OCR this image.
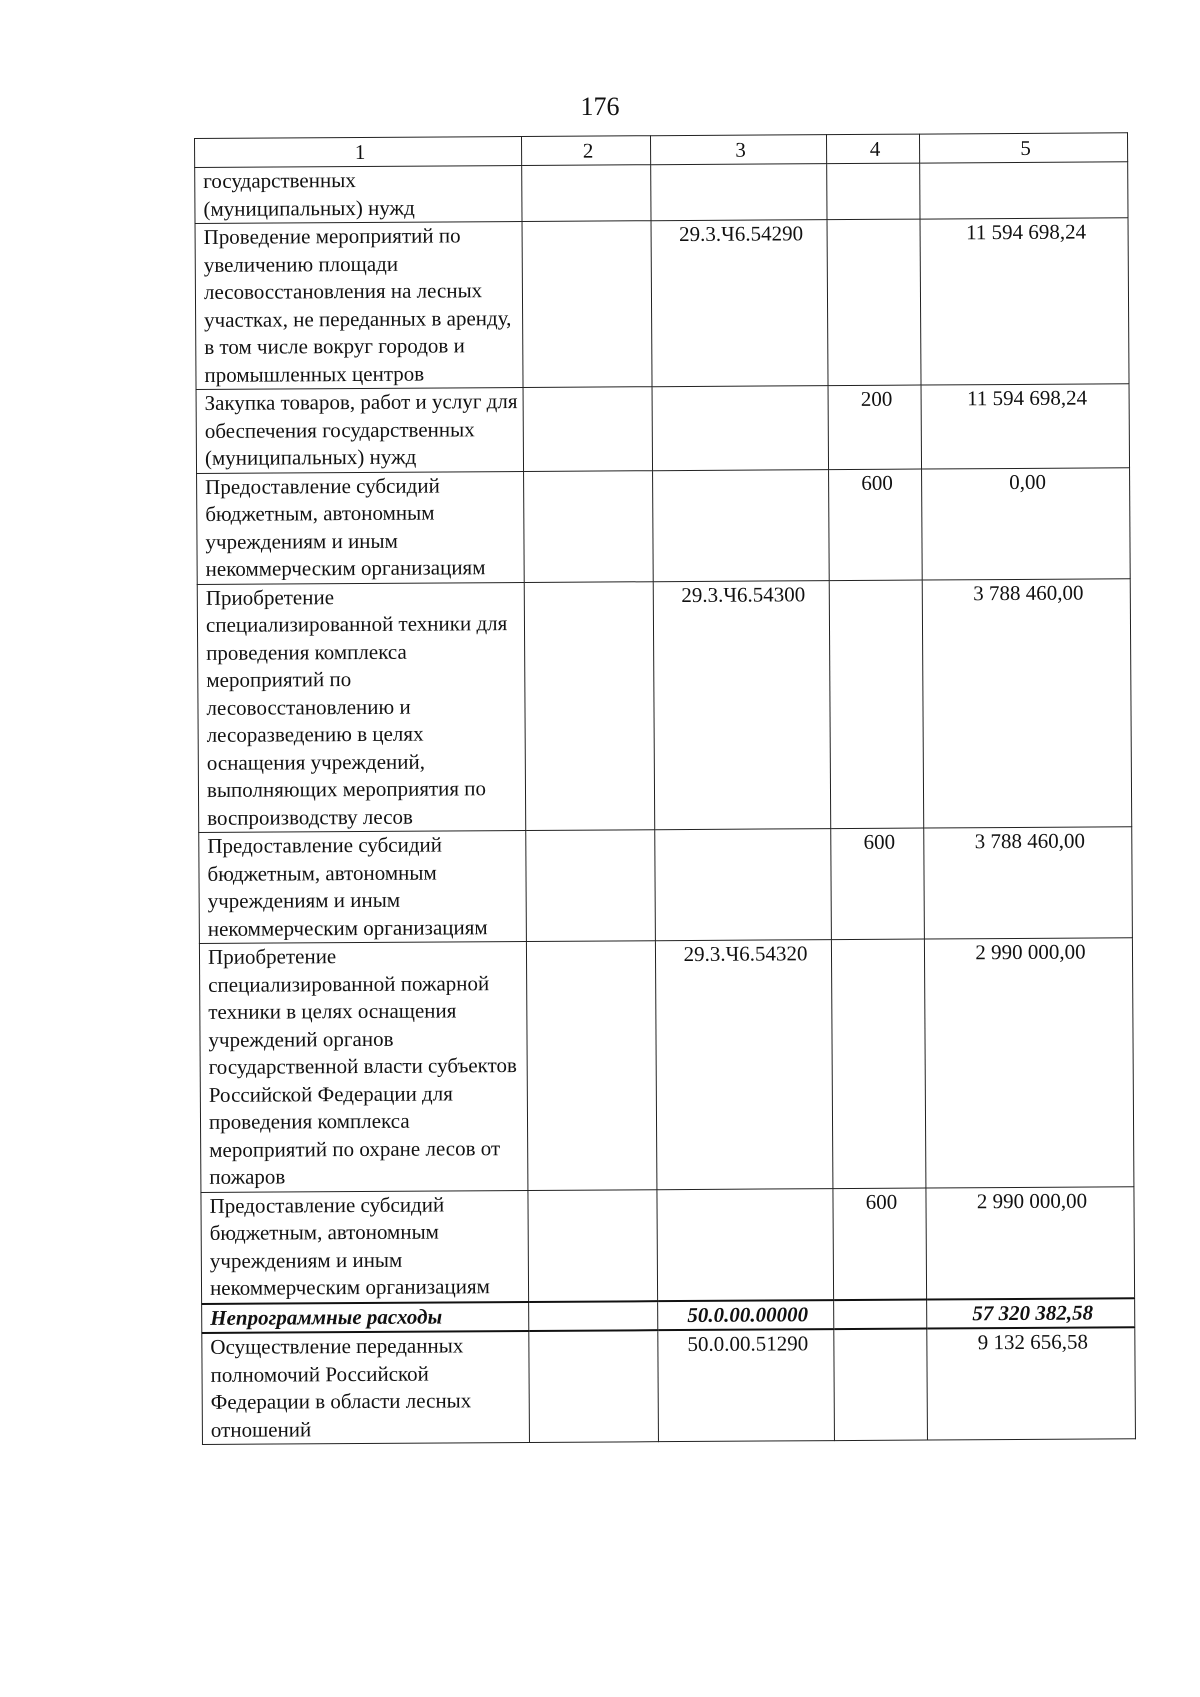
176
1	2	3	4	5
государственных (муниципальных) нужд				
Проведение мероприятий по увеличению площади лесовосстановления на лесных участках, не переданных в аренду, в том числе вокруг городов и промышленных центров		29.3.Ч6.54290		11 594 698,24
Закупка товаров, работ и услуг для обеспечения государственных (муниципальных) нужд			200	11 594 698,24
Предоставление субсидий бюджетным, автономным учреждениям и иным некоммерческим организациям			600	0,00
Приобретение специализированной техники для проведения комплекса мероприятий по лесовосстановлению и лесоразведению в целях оснащения учреждений, выполняющих мероприятия по воспроизводству лесов		29.3.Ч6.54300		3 788 460,00
Предоставление субсидий бюджетным, автономным учреждениям и иным некоммерческим организациям			600	3 788 460,00
Приобретение специализированной пожарной техники в целях оснащения учреждений органов государственной власти субъектов Российской Федерации для проведения комплекса мероприятий по охране лесов от пожаров		29.3.Ч6.54320		2 990 000,00
Предоставление субсидий бюджетным, автономным учреждениям и иным некоммерческим организациям			600	2 990 000,00
Непрограммные расходы		50.0.00.00000		57 320 382,58
Осуществление переданных полномочий Российской Федерации в области лесных отношений		50.0.00.51290		9 132 656,58
